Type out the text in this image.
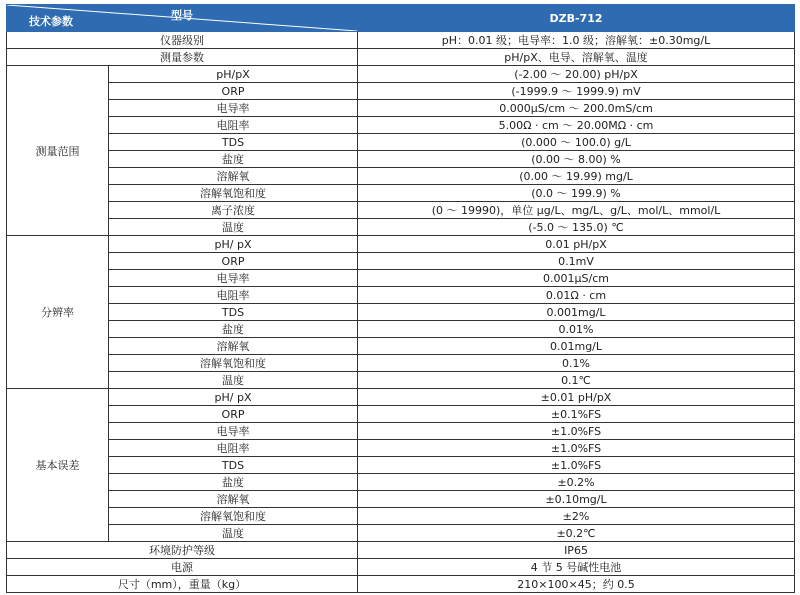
型号
技术参数		DZB-712
仪器级别		pH：0.01 级；电导率：1.0 级；溶解氧：±0.30mg/L
测量参数		pH/pX、电导、溶解氧、温度
测量范围	pH/pX	(-2.00 ～ 20.00) pH/pX
	ORP	(-1999.9 ～ 1999.9) mV
	电导率	0.000μS/cm ～ 200.0mS/cm
	电阻率	5.00Ω · cm ～ 20.00MΩ · cm
	TDS	(0.000 ～ 100.0) g/L
	盐度	(0.00 ～ 8.00) %
	溶解氧	(0.00 ～ 19.99) mg/L
	溶解氧饱和度	(0.0 ～ 199.9) %
	离子浓度	(0 ～ 19990)，单位 μg/L、mg/L、g/L、mol/L、mmol/L
	温度	(-5.0 ～ 135.0) ℃
分辨率	pH/ pX	0.01 pH/pX
	ORP	0.1mV
	电导率	0.001μS/cm
	电阻率	0.01Ω · cm
	TDS	0.001mg/L
	盐度	0.01%
	溶解氧	0.01mg/L
	溶解氧饱和度	0.1%
	温度	0.1℃
基本误差	pH/ pX	±0.01 pH/pX
	ORP	±0.1%FS
	电导率	±1.0%FS
	电阻率	±1.0%FS
	TDS	±1.0%FS
	盐度	±0.2%
	溶解氧	±0.10mg/L
	溶解氧饱和度	±2%
	温度	±0.2℃
环境防护等级		IP65
电源		4 节 5 号碱性电池
尺寸（mm），重量（kg）		210×100×45；约 0.5
